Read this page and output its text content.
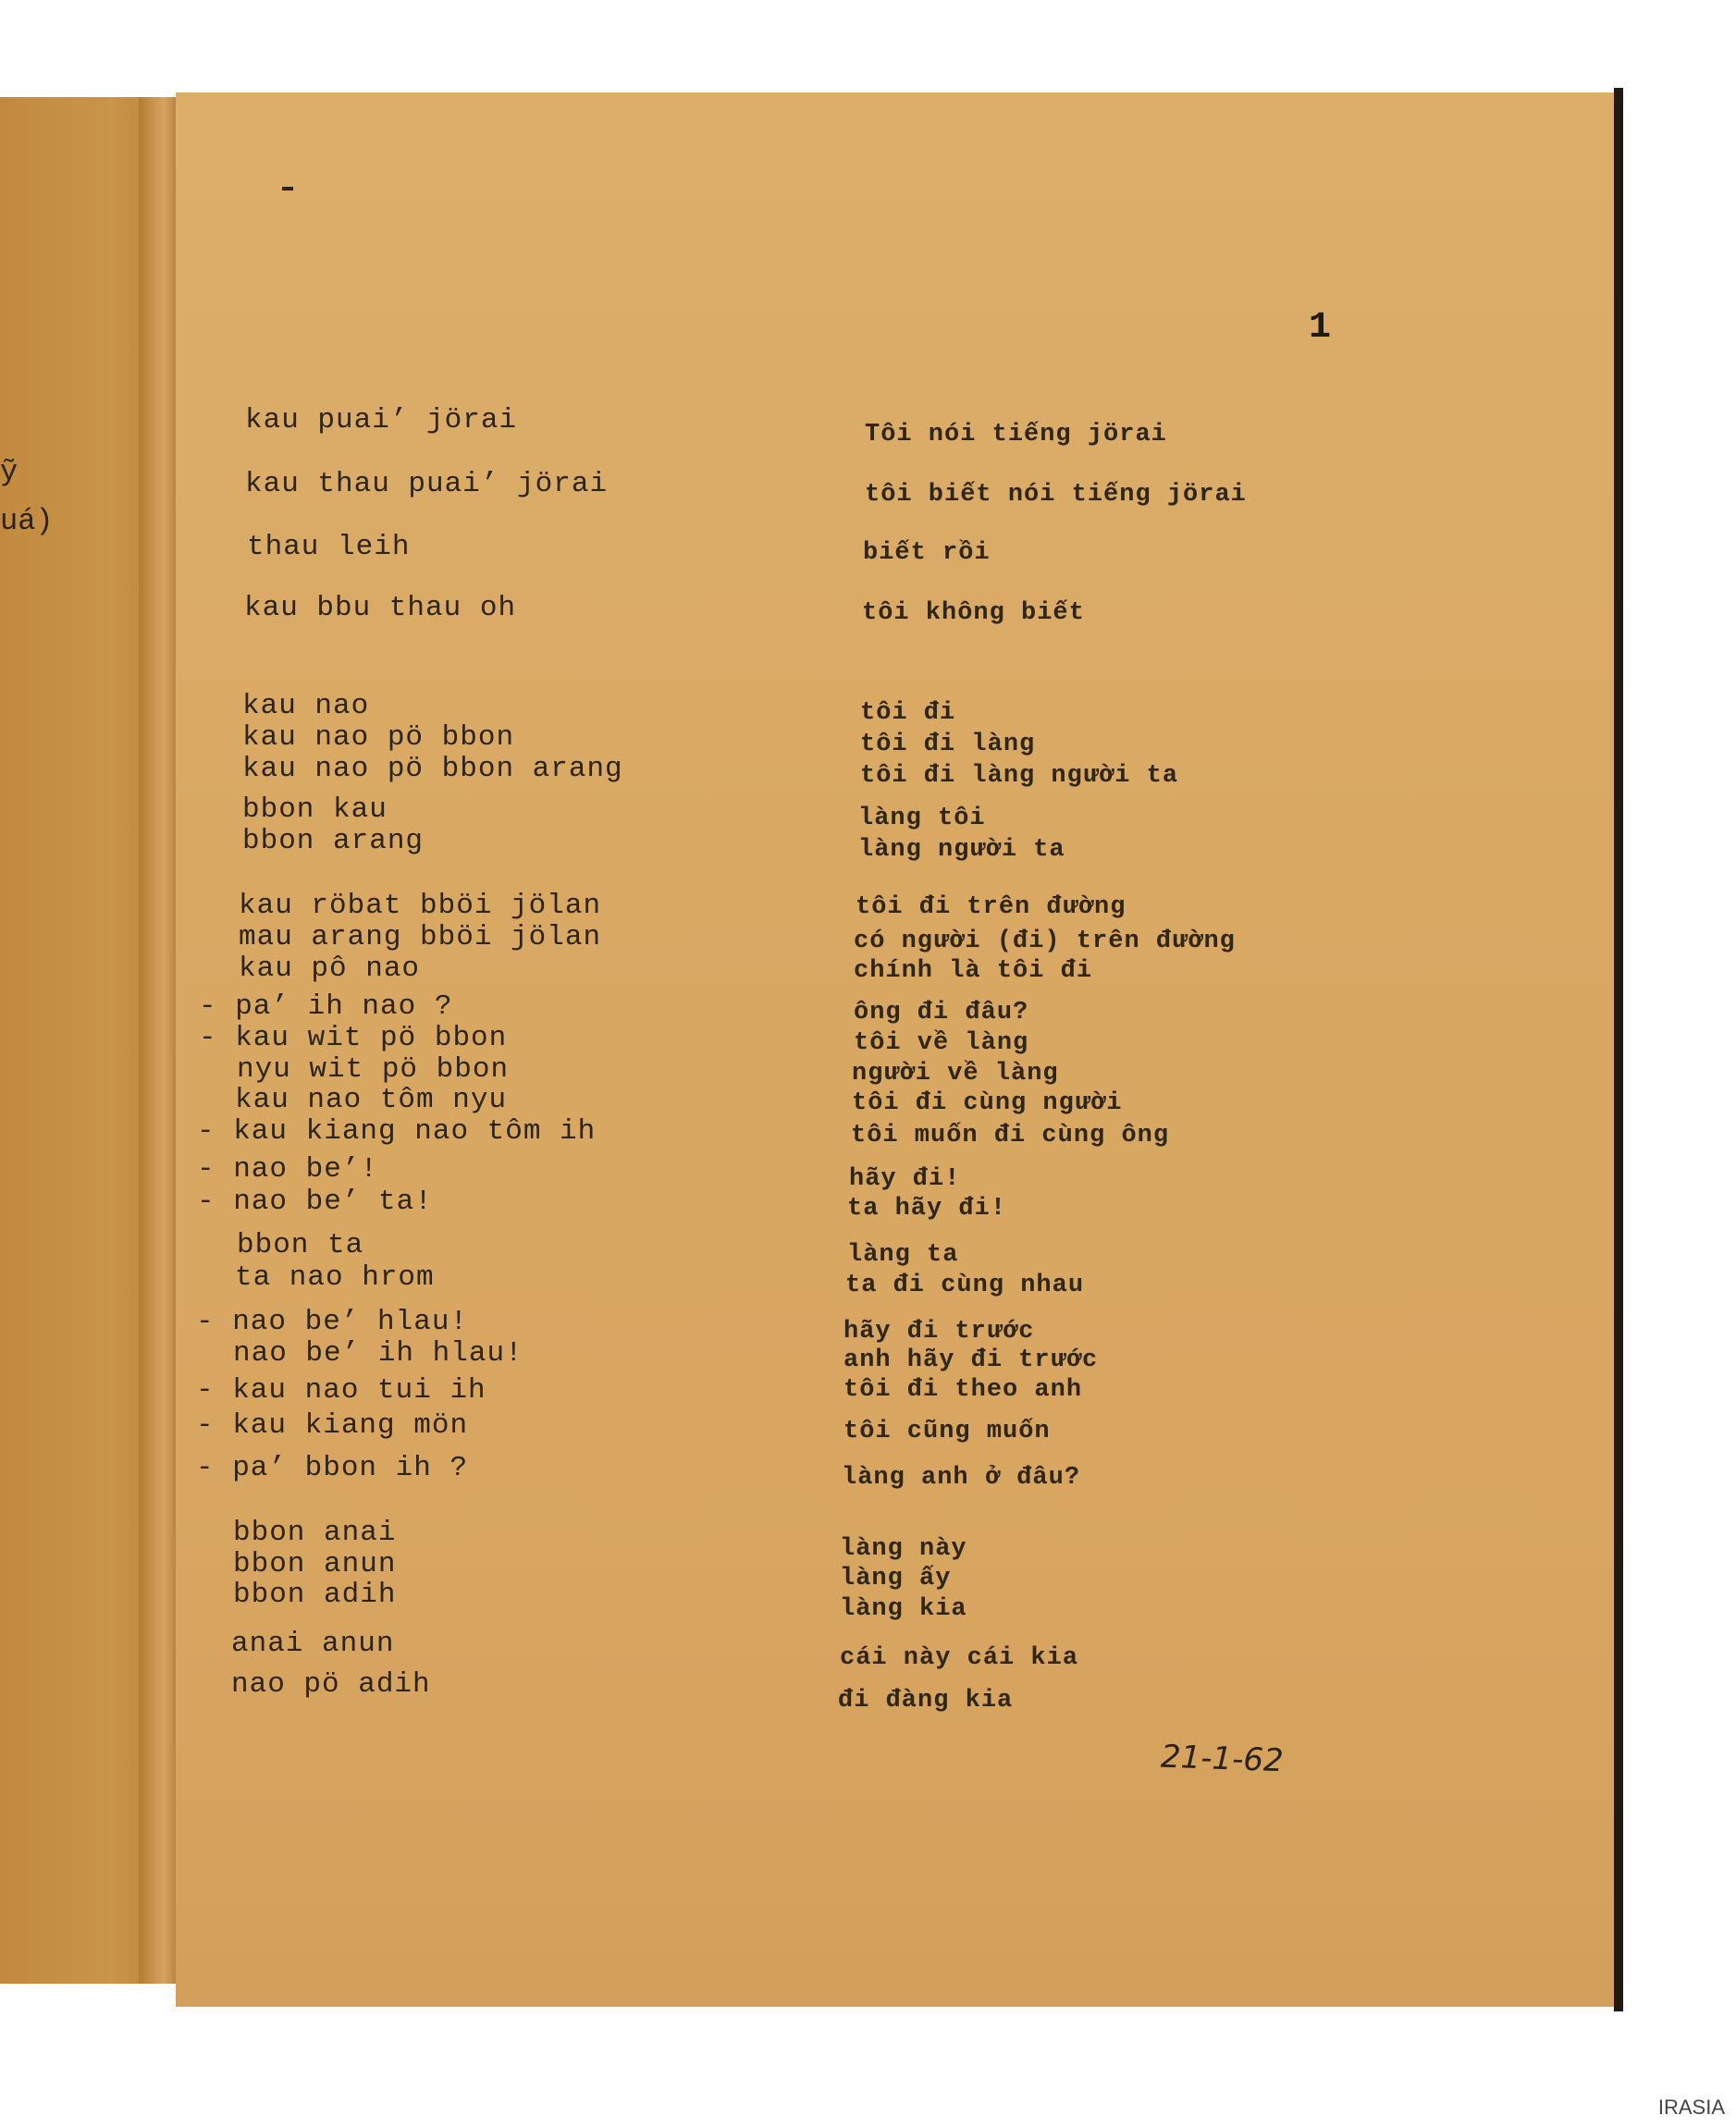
ỹ
uá)
1
kau puai’ jörai
kau thau puai’ jörai
thau leih
kau bbu thau oh
kau nao
kau nao pö bbon
kau nao pö bbon arang
bbon kau
bbon arang
kau röbat bböi jölan
mau arang bböi jölan
kau pô nao
- pa’ ih nao ?
- kau wit pö bbon
nyu wit pö bbon
kau nao tôm nyu
- kau kiang nao tôm ih
- nao be’!
- nao be’ ta!
bbon ta
ta nao hrom
- nao be’ hlau!
nao be’ ih hlau!
- kau nao tui ih
- kau kiang mön
- pa’ bbon ih ?
bbon anai
bbon anun
bbon adih
anai anun
nao pö adih
Tôi nói tiếng jörai
tôi biết nói tiếng jörai
biết rồi
tôi không biết
tôi đi
tôi đi làng
tôi đi làng người ta
làng tôi
làng người ta
tôi đi trên đường
có người (đi) trên đường
chính là tôi đi
ông đi đâu?
tôi về làng
người về làng
tôi đi cùng người
tôi muốn đi cùng ông
hãy đi!
ta hãy đi!
làng ta
ta đi cùng nhau
hãy đi trước
anh hãy đi trước
tôi đi theo anh
tôi cũng muốn
làng anh ở đâu?
làng này
làng ấy
làng kia
cái này cái kia
đi đàng kia
21-1-62
IRASIA
